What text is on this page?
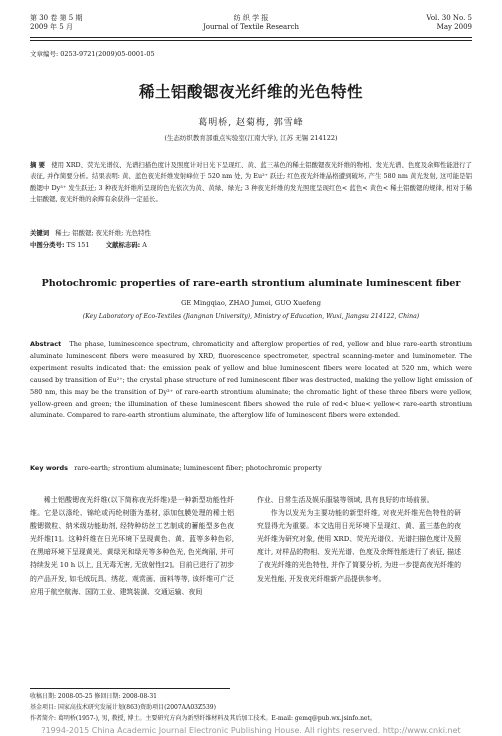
第 30 卷 第 5 期
2009 年 5 月
纺 织 学 报
Journal of Textile Research
Vol. 30 No. 5
May 2009
文章编号: 0253-9721(2009)05-0001-05
稀土铝酸锶夜光纤维的光色特性
葛明桥, 赵菊梅, 郭雪峰
(生态纺织教育部重点实验室(江南大学), 江苏 无锡 214122)
摘 要 使用 XRD、荧光光谱仪、光谱扫描色度计及照度计对日光下呈现红、黄、蓝三基色的稀土铝酸锶夜光纤维的物相、发光光谱、色度及余辉性能进行了表征, 并作简要分析。结果表明: 黄、蓝色夜光纤维发射峰位于 520 nm 处, 为 Eu²⁺ 跃迁; 红色夜光纤维晶格遭到破坏, 产生 580 nm 黄光发射, 这可能是铝酸锶中 Dy³⁺ 发生跃迁; 3 种夜光纤维所呈现的色光依次为黄、黄绿、绿光; 3 种夜光纤维的发光照度呈现红色< 蓝色< 黄色< 稀土铝酸锶的规律, 相对于稀土铝酸锶, 夜光纤维的余辉有余获得一定延长。
关键词 稀土; 铝酸锶; 夜光纤维; 光色特性
中图分类号: TS 151	文献标志码: A
Photochromic properties of rare-earth strontium aluminate luminescent fiber
GE Mingqiao, ZHAO Jumei, GUO Xuefeng
(Key Laboratory of Eco-Textiles (Jiangnan University), Ministry of Education, Wuxi, Jiangsu 214122, China)
Abstract The phase, luminescence spectrum, chromaticity and afterglow properties of red, yellow and blue rare-earth strontium aluminate luminescent fibers were measured by XRD, fluorescence spectrometer, spectral scanning-meter and luminometer. The experiment results indicated that: the emission peak of yellow and blue luminescent fibers were located at 520 nm, which were caused by transition of Eu²⁺; the crystal phase structure of red luminescent fiber was destructed, making the yellow light emission of 580 nm, this may be the transition of Dy³⁺ of rare-earth strontium aluminate; the chromatic light of these three fibers were yellow, yellow-green and green; the illumination of these luminescent fibers showed the rule of red< blue< yellow< rare-earth strontium aluminate. Compared to rare-earth strontium aluminate, the afterglow life of luminescent fibers were extended.
Key words rare-earth; strontium aluminate; luminescent fiber; photochromic property

稀土铝酸锶夜光纤维(以下简称夜光纤维)是一种新型功能性纤维。它是以涤纶、锦纶或丙纶树脂为基材, 添加包膜处理的稀土铝酸锶微粒、纳米级功能助剂, 经特种纺丝工艺制成的蓄能型多色夜光纤维[1]。这种纤维在日光环境下呈现黄色、黄、蓝等多种色彩, 在黑暗环境下呈现黄光、黄绿光和绿光等多种色光, 色光绚丽, 并可持续发光 10 h 以上, 且无毒无害, 无放射性[2]。目前已进行了初步的产品开发, 如毛绒玩具、绣花、观赏画、面料等等, 该纤维可广泛应用于航空航海、国防工业、建筑装潢、交通运输、夜间

作业、日常生活及娱乐服装等领域, 具有良好的市场前景。

作为以发光为主要功能的新型纤维, 对夜光纤维光色特性的研究显得尤为重要。本文选用日光环境下呈现红、黄、蓝三基色的夜光纤维为研究对象, 使用 XRD、荧光光谱仪、光谱扫描色度计及照度计, 对样品的物相、发光光谱、色度及余辉性能进行了表征, 描述了夜光纤维的光色特性, 并作了简要分析, 为进一步提高夜光纤维的发光性能, 开发夜光纤维新产品提供参考。

收稿日期: 2008-05-25 修回日期: 2008-08-31
基金项目: 国家高技术研究发展计划(863)资助项目(2007AA03Z539)
作者简介: 葛明桥(1957-), 男, 教授, 博士。主要研究方向为新型纤维材料及其后加工技术。E-mail: gemq@pub.wx.jsinfo.net。
?1994-2015 China Academic Journal Electronic Publishing House. All rights reserved. http://www.cnki.net
